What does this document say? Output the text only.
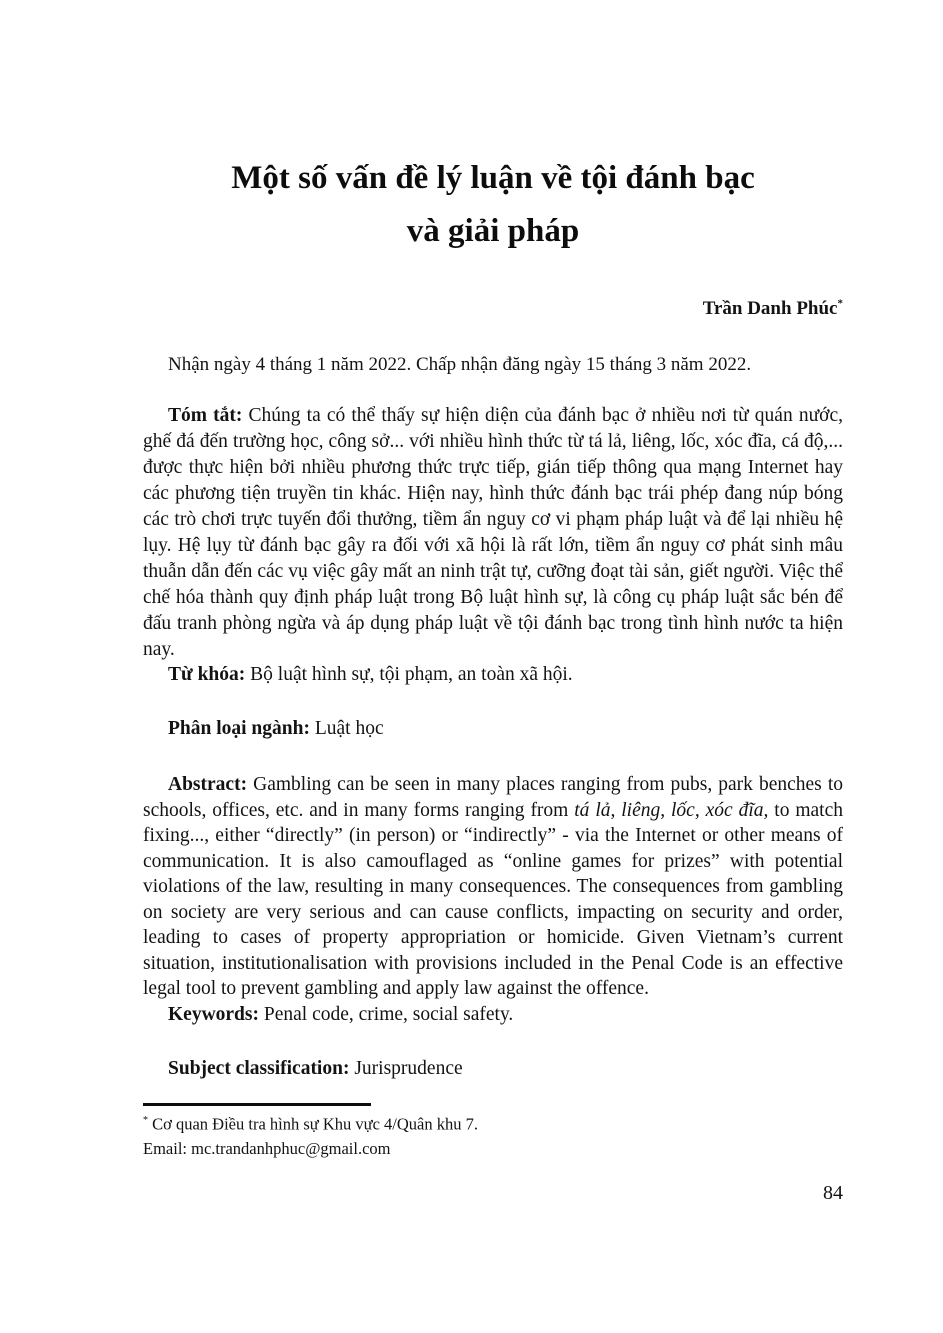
Một số vấn đề lý luận về tội đánh bạc
và giải pháp
Trần Danh Phúc*
Nhận ngày 4 tháng 1 năm 2022. Chấp nhận đăng ngày 15 tháng 3 năm 2022.

Tóm tắt: Chúng ta có thể thấy sự hiện diện của đánh bạc ở nhiều nơi từ quán nước, ghế đá đến trường học, công sở... với nhiều hình thức từ tá lả, liêng, lốc, xóc đĩa, cá độ,... được thực hiện bởi nhiều phương thức trực tiếp, gián tiếp thông qua mạng Internet hay các phương tiện truyền tin khác. Hiện nay, hình thức đánh bạc trái phép đang núp bóng các trò chơi trực tuyến đổi thưởng, tiềm ẩn nguy cơ vi phạm pháp luật và để lại nhiều hệ lụy. Hệ lụy từ đánh bạc gây ra đối với xã hội là rất lớn, tiềm ẩn nguy cơ phát sinh mâu thuẫn dẫn đến các vụ việc gây mất an ninh trật tự, cưỡng đoạt tài sản, giết người. Việc thể chế hóa thành quy định pháp luật trong Bộ luật hình sự, là công cụ pháp luật sắc bén để đấu tranh phòng ngừa và áp dụng pháp luật về tội đánh bạc trong tình hình nước ta hiện nay.

Từ khóa: Bộ luật hình sự, tội phạm, an toàn xã hội.

Phân loại ngành: Luật học

Abstract: Gambling can be seen in many places ranging from pubs, park benches to schools, offices, etc. and in many forms ranging from tá lả, liêng, lốc, xóc đĩa, to match fixing..., either “directly” (in person) or “indirectly” - via the Internet or other means of communication. It is also camouflaged as “online games for prizes” with potential violations of the law, resulting in many consequences. The consequences from gambling on society are very serious and can cause conflicts, impacting on security and order, leading to cases of property appropriation or homicide. Given Vietnam’s current situation, institutionalisation with provisions included in the Penal Code is an effective legal tool to prevent gambling and apply law against the offence.

Keywords: Penal code, crime, social safety.

Subject classification: Jurisprudence

* Cơ quan Điều tra hình sự Khu vực 4/Quân khu 7.
Email: mc.trandanhphuc@gmail.com
84
